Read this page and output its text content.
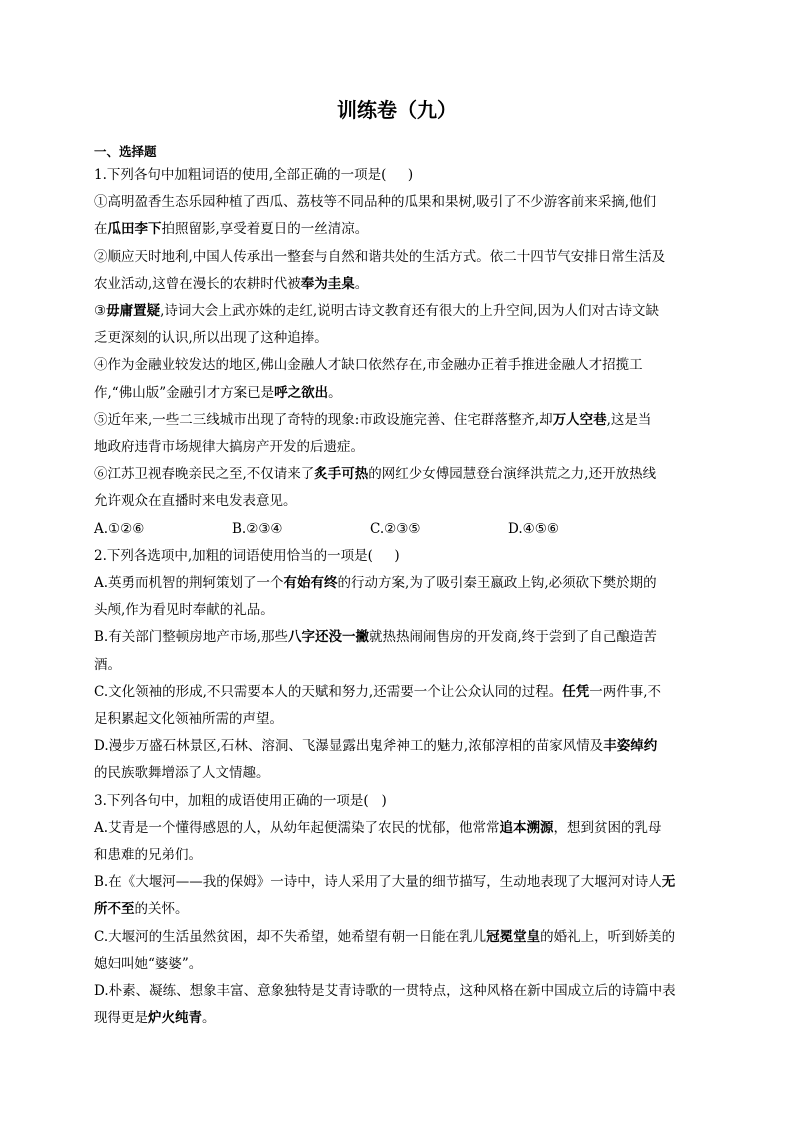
训练卷（九）
一、选择题
1.下列各句中加粗词语的使用,全部正确的一项是(     )
①高明盈香生态乐园种植了西瓜、荔枝等不同品种的瓜果和果树,吸引了不少游客前来采摘,他们
在瓜田李下拍照留影,享受着夏日的一丝清凉。
②顺应天时地利,中国人传承出一整套与自然和谐共处的生活方式。依二十四节气安排日常生活及
农业活动,这曾在漫长的农耕时代被奉为圭臬。
③毋庸置疑,诗词大会上武亦姝的走红,说明古诗文教育还有很大的上升空间,因为人们对古诗文缺
乏更深刻的认识,所以出现了这种追捧。
④作为金融业较发达的地区,佛山金融人才缺口依然存在,市金融办正着手推进金融人才招揽工
作,“佛山版”金融引才方案已是呼之欲出。
⑤近年来,一些二三线城市出现了奇特的现象:市政设施完善、住宅群落整齐,却万人空巷,这是当
地政府违背市场规律大搞房产开发的后遗症。
⑥江苏卫视春晚亲民之至,不仅请来了炙手可热的网红少女傅园慧登台演绎洪荒之力,还开放热线
允许观众在直播时来电发表意见。
A.①②⑥	B.②③④	C.②③⑤	D.④⑤⑥
2.下列各选项中,加粗的词语使用恰当的一项是(     )
A.英勇而机智的荆轲策划了一个有始有终的行动方案,为了吸引秦王嬴政上钩,必须砍下樊於期的
头颅,作为看见时奉献的礼品。
B.有关部门整顿房地产市场,那些八字还没一撇就热热闹闹售房的开发商,终于尝到了自己酿造苦
酒。
C.文化领袖的形成,不只需要本人的天赋和努力,还需要一个让公众认同的过程。任凭一两件事,不
足积累起文化领袖所需的声望。
D.漫步万盛石林景区,石林、溶洞、飞瀑显露出鬼斧神工的魅力,浓郁淳相的苗家风情及丰姿绰约
的民族歌舞增添了人文情趣。
3.下列各句中，加粗的成语使用正确的一项是(   )
A.艾青是一个懂得感恩的人，从幼年起便濡染了农民的忧郁，他常常追本溯源，想到贫困的乳母
和患难的兄弟们。
B.在《大堰河——我的保姆》一诗中，诗人采用了大量的细节描写，生动地表现了大堰河对诗人无
所不至的关怀。
C.大堰河的生活虽然贫困，却不失希望，她希望有朝一日能在乳儿冠冕堂皇的婚礼上，听到娇美的
媳妇叫她“婆婆”。
D.朴素、凝练、想象丰富、意象独特是艾青诗歌的一贯特点，这种风格在新中国成立后的诗篇中表
现得更是炉火纯青。
